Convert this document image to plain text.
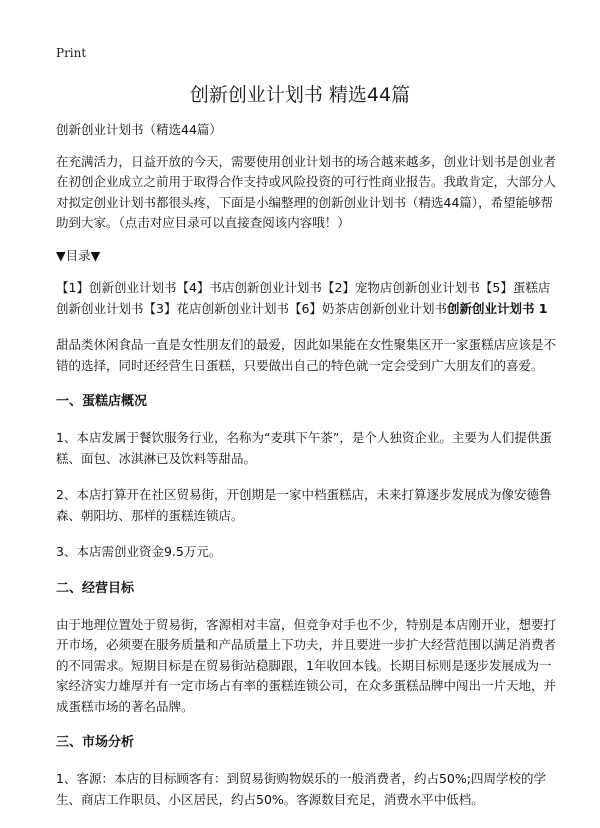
Print
创新创业计划书 精选44篇

创新创业计划书（精选44篇）

在充满活力，日益开放的今天，需要使用创业计划书的场合越来越多，创业计划书是创业者在初创企业成立之前用于取得合作支持或风险投资的可行性商业报告。我敢肯定，大部分人对拟定创业计划书都很头疼，下面是小编整理的创新创业计划书（精选44篇），希望能够帮助到大家。（点击对应目录可以直接查阅该内容哦！）

▼目录▼

【1】创新创业计划书【4】书店创新创业计划书【2】宠物店创新创业计划书【5】蛋糕店创新创业计划书【3】花店创新创业计划书【6】奶茶店创新创业计划书创新创业计划书 1

甜品类休闲食品一直是女性朋友们的最爱，因此如果能在女性聚集区开一家蛋糕店应该是不错的选择，同时还经营生日蛋糕，只要做出自己的特色就一定会受到广大朋友们的喜爱。

一、蛋糕店概况

1、本店发属于餐饮服务行业，名称为“麦琪下午茶”，是个人独资企业。主要为人们提供蛋糕、面包、冰淇淋已及饮料等甜品。

2、本店打算开在社区贸易街，开创期是一家中档蛋糕店，未来打算逐步发展成为像安德鲁森、朝阳坊、那样的蛋糕连锁店。

3、本店需创业资金9.5万元。

二、经营目标

由于地理位置处于贸易街，客源相对丰富，但竞争对手也不少，特别是本店刚开业，想要打开市场，必须要在服务质量和产品质量上下功夫，并且要进一步扩大经营范围以满足消费者的不同需求。短期目标是在贸易街站稳脚跟，1年收回本钱。长期目标则是逐步发展成为一家经济实力雄厚并有一定市场占有率的蛋糕连锁公司，在众多蛋糕品牌中闯出一片天地，并成蛋糕市场的著名品牌。

三、市场分析

1、客源：本店的目标顾客有：到贸易街购物娱乐的一般消费者，约占50%;四周学校的学生、商店工作职员、小区居民，约占50%。客源数目充足，消费水平中低档。
